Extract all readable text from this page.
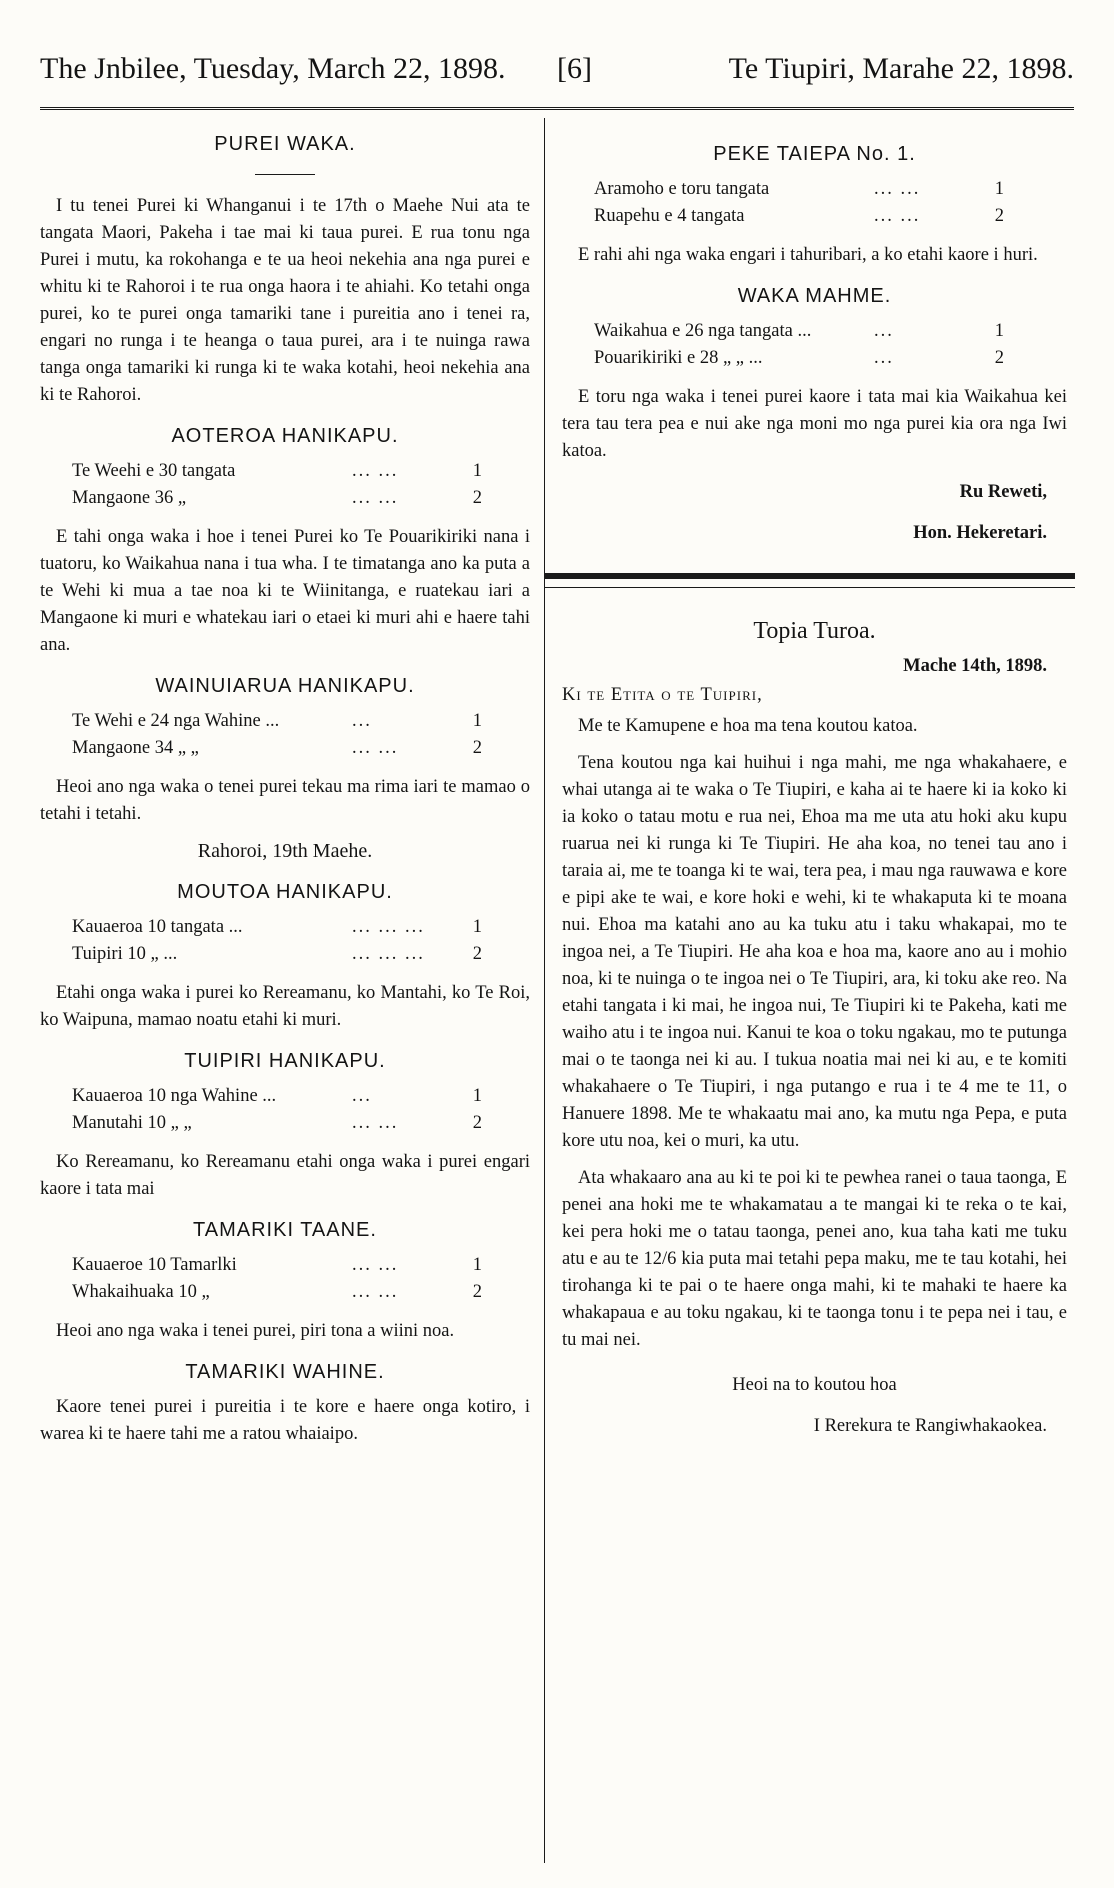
The Jnbilee, Tuesday, March 22, 1898. [6]	Te Tiupiri, Marahe 22, 1898.
PUREI WAKA.

I tu tenei Purei ki Whanganui i te 17th o Maehe Nui ata te tangata Maori, Pakeha i tae mai ki taua purei. E rua tonu nga Purei i mutu, ka rokohanga e te ua heoi nekehia ana nga purei e whitu ki te Rahoroi i te rua onga haora i te ahiahi. Ko tetahi onga purei, ko te purei onga tamariki tane i pureitia ano i tenei ra, engari no runga i te heanga o taua purei, ara i te nuinga rawa tanga onga tamariki ki runga ki te waka kotahi, heoi nekehia ana ki te Rahoroi.

AOTEROA HANIKAPU.
Te Weehi e 30 tangata	... ...	1
Mangaone 36 „	... ...	2

E tahi onga waka i hoe i tenei Purei ko Te Pouarikiriki nana i tuatoru, ko Waikahua nana i tua wha. I te timatanga ano ka puta a te Wehi ki mua a tae noa ki te Wiinitanga, e ruatekau iari a Mangaone ki muri e whatekau iari o etaei ki muri ahi e haere tahi ana.

WAINUIARUA HANIKAPU.
Te Wehi e 24 nga Wahine ...	...	1
Mangaone 34 „ „	... ...	2

Heoi ano nga waka o tenei purei tekau ma rima iari te mamao o tetahi i tetahi.

Rahoroi, 19th Maehe.
MOUTOA HANIKAPU.
Kauaeroa 10 tangata ...	... ... ...	1
Tuipiri 10 „ ...	... ... ...	2

Etahi onga waka i purei ko Rereamanu, ko Mantahi, ko Te Roi, ko Waipuna, mamao noatu etahi ki muri.

TUIPIRI HANIKAPU.
Kauaeroa 10 nga Wahine ...	...	1
Manutahi 10 „ „	... ...	2

Ko Rereamanu, ko Rereamanu etahi onga waka i purei engari kaore i tata mai

TAMARIKI TAANE.
Kauaeroe 10 Tamarlki	... ...	1
Whakaihuaka 10 „	... ...	2

Heoi ano nga waka i tenei purei, piri tona a wiini noa.

TAMARIKI WAHINE.

Kaore tenei purei i pureitia i te kore e haere onga kotiro, i warea ki te haere tahi me a ratou whaiaipo.

PEKE TAIEPA No. 1.
Aramoho e toru tangata	... ...	1
Ruapehu e 4 tangata	... ...	2

E rahi ahi nga waka engari i tahuribari, a ko etahi kaore i huri.

WAKA MAHME.
Waikahua e 26 nga tangata ...	...	1
Pouarikiriki e 28 „ „ ...	...	2

E toru nga waka i tenei purei kaore i tata mai kia Waikahua kei tera tau tera pea e nui ake nga moni mo nga purei kia ora nga Iwi katoa.

Ru Reweti,
Hon. Hekeretari.
Topia Turoa.
Mache 14th, 1898.
Ki te Etita o te Tuipiri,

Me te Kamupene e hoa ma tena koutou katoa.

Tena koutou nga kai huihui i nga mahi, me nga whakahaere, e whai utanga ai te waka o Te Tiupiri, e kaha ai te haere ki ia koko ki ia koko o tatau motu e rua nei, Ehoa ma me uta atu hoki aku kupu ruarua nei ki runga ki Te Tiupiri. He aha koa, no tenei tau ano i taraia ai, me te toanga ki te wai, tera pea, i mau nga rauwawa e kore e pipi ake te wai, e kore hoki e wehi, ki te whakaputa ki te moana nui. Ehoa ma katahi ano au ka tuku atu i taku whakapai, mo te ingoa nei, a Te Tiupiri. He aha koa e hoa ma, kaore ano au i mohio noa, ki te nuinga o te ingoa nei o Te Tiupiri, ara, ki toku ake reo. Na etahi tangata i ki mai, he ingoa nui, Te Tiupiri ki te Pakeha, kati me waiho atu i te ingoa nui. Kanui te koa o toku ngakau, mo te putunga mai o te taonga nei ki au. I tukua noatia mai nei ki au, e te komiti whakahaere o Te Tiupiri, i nga putango e rua i te 4 me te 11, o Hanuere 1898. Me te whakaatu mai ano, ka mutu nga Pepa, e puta kore utu noa, kei o muri, ka utu.

Ata whakaaro ana au ki te poi ki te pewhea ranei o taua taonga, E penei ana hoki me te whakamatau a te mangai ki te reka o te kai, kei pera hoki me o tatau taonga, penei ano, kua taha kati me tuku atu e au te 12/6 kia puta mai tetahi pepa maku, me te tau kotahi, hei tirohanga ki te pai o te haere onga mahi, ki te mahaki te haere ka whakapaua e au toku ngakau, ki te taonga tonu i te pepa nei i tau, e tu mai nei.

Heoi na to koutou hoa
I Rerekura te Rangiwhakaokea.
